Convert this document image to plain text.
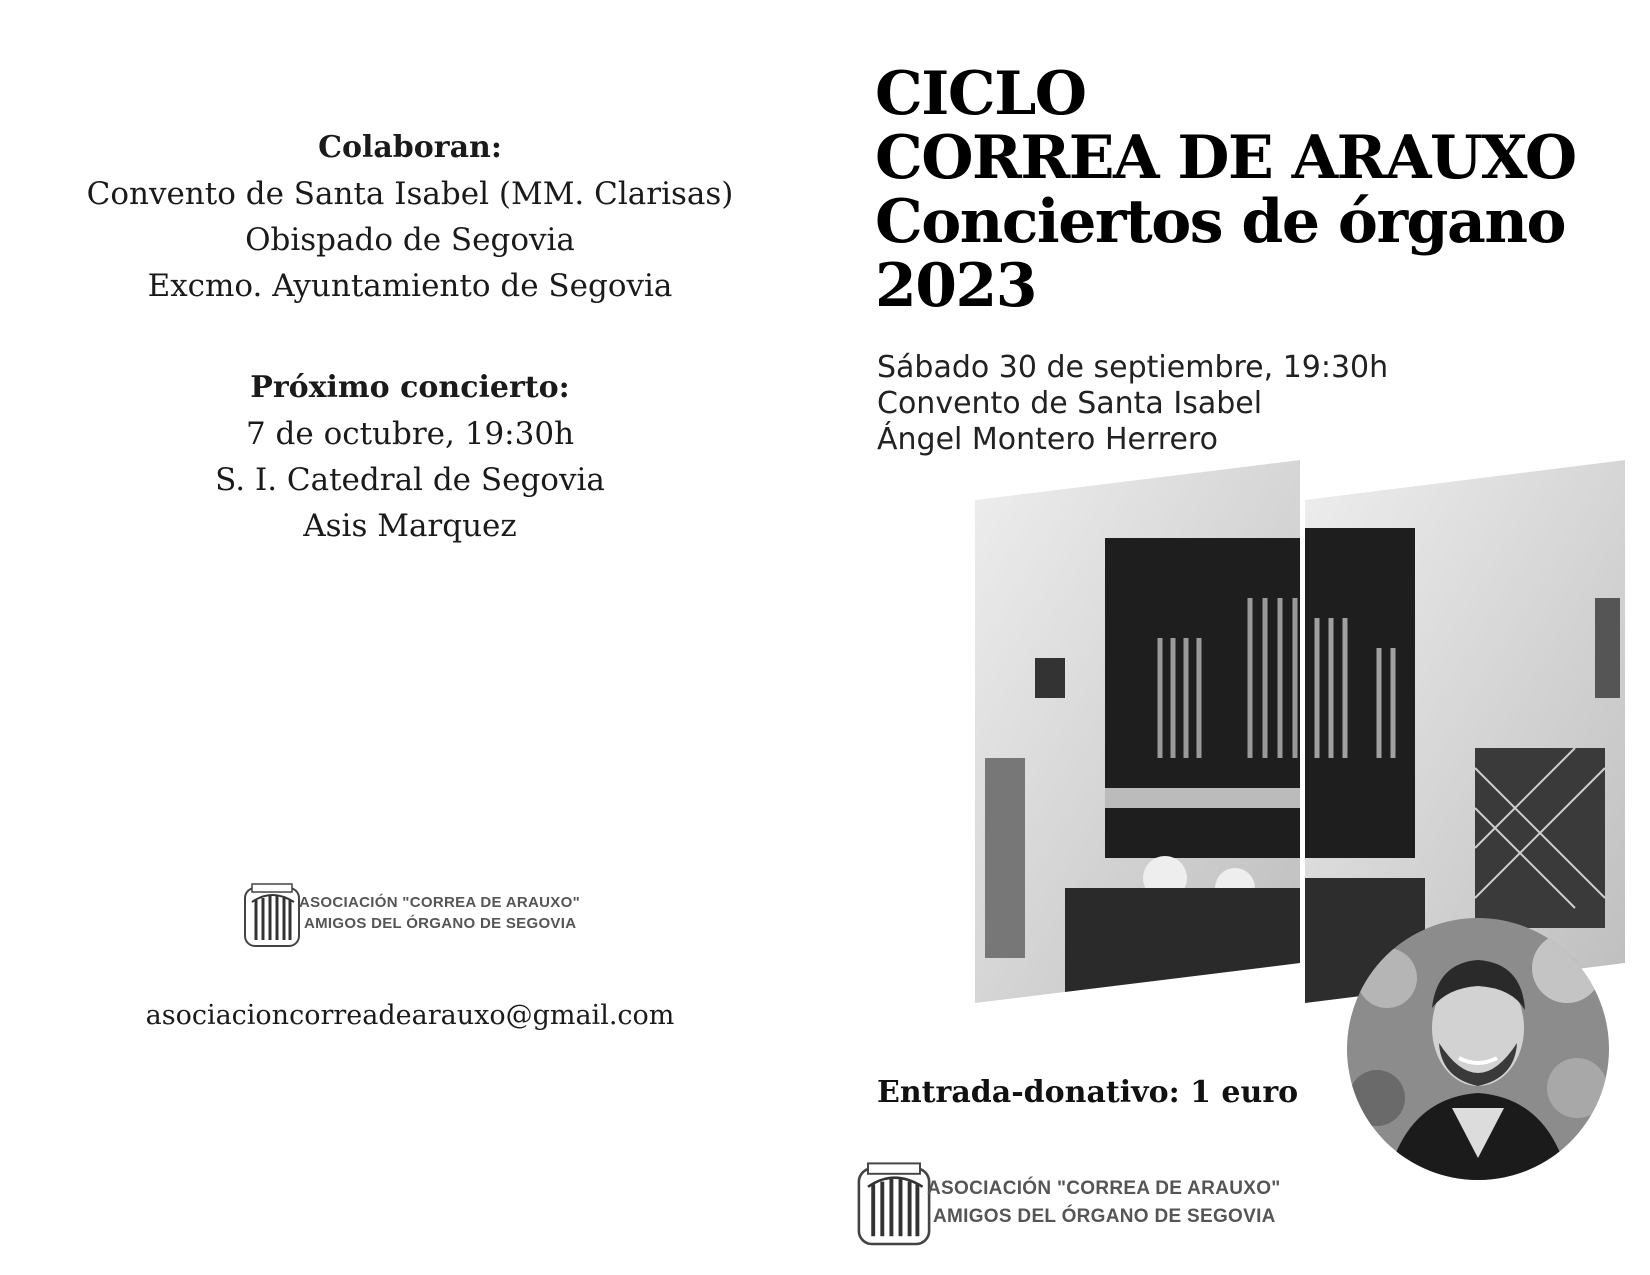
Colaboran:
Convento de Santa Isabel (MM. Clarisas)
Obispado de Segovia
Excmo. Ayuntamiento de Segovia
Próximo concierto:
7 de octubre, 19:30h
S. I. Catedral de Segovia
Asis Marquez
ASOCIACIÓN "CORREA DE ARAUXO"
AMIGOS DEL ÓRGANO DE SEGOVIA
asociacioncorreadearauxo@gmail.com
CICLO
CORREA DE ARAUXO
Conciertos de órgano
2023
Sábado 30 de septiembre, 19:30h
Convento de Santa Isabel
Ángel Montero Herrero
Entrada-donativo: 1 euro
ASOCIACIÓN "CORREA DE ARAUXO"
AMIGOS DEL ÓRGANO DE SEGOVIA
